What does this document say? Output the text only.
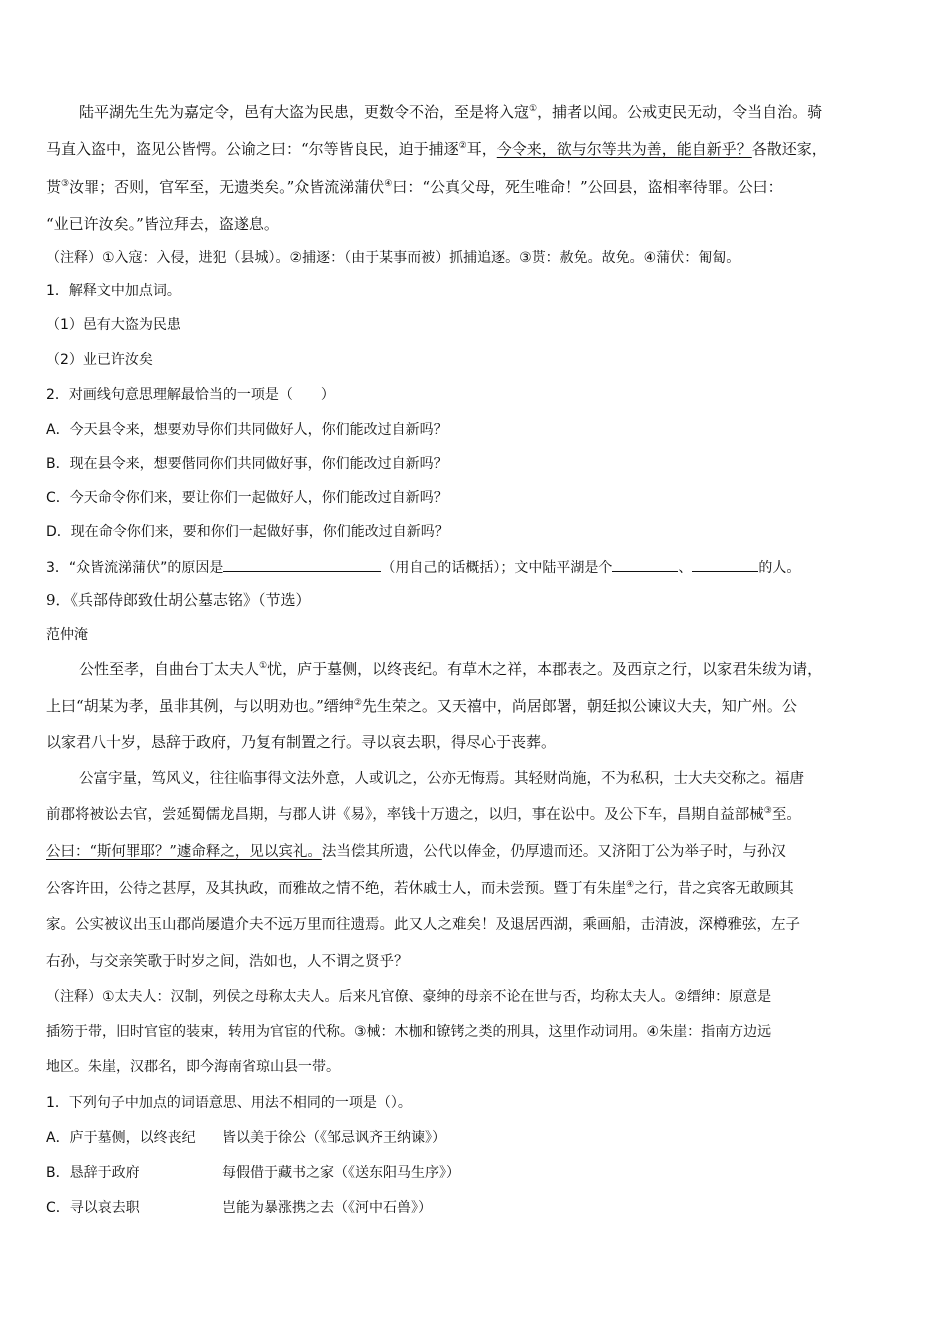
陆平湖先生先为嘉定令，邑有大盗为民患，更数令不治，至是将入寇①，捕者以闻。公戒吏民无动，令当自治。骑
马直入盗中，盗见公皆愕。公谕之曰：“尔等皆良民，迫于捕逐②耳，今令来，欲与尔等共为善，能自新乎？各散还家，
贳③汝罪；否则，官军至，无遗类矣。”众皆流涕蒲伏④曰：“公真父母，死生唯命！”公回县，盗相率待罪。公曰：
“业已许汝矣。”皆泣拜去，盗遂息。
（注释）①入寇：入侵，进犯（县城）。②捕逐：（由于某事而被）抓捕追逐。③贳：赦免。故免。④蒲伏：匍匐。
1．解释文中加点词。
（1）邑有大盗为民患
（2）业已许汝矣
2．对画线句意思理解最恰当的一项是（　　）
A．今天县令来，想要劝导你们共同做好人，你们能改过自新吗？
B．现在县令来，想要偕同你们共同做好事，你们能改过自新吗？
C．今天命令你们来，要让你们一起做好人，你们能改过自新吗？
D．现在命令你们来，要和你们一起做好事，你们能改过自新吗？
3．“众皆流涕蒲伏”的原因是	（用自己的话概括）；文中陆平湖是个	、	的人。
9．《兵部侍郎致仕胡公墓志铭》（节选）
范仲淹
公性至孝，自曲台丁太夫人①忧，庐于墓侧，以终丧纪。有草木之祥，本郡表之。及西京之行，以家君朱绂为请，
上曰“胡某为孝，虽非其例，与以明劝也。”缙绅②先生荣之。又天禧中，尚居郎署，朝廷拟公谏议大夫，知广州。公
以家君八十岁，恳辞于政府，乃复有制置之行。寻以哀去职，得尽心于丧葬。
公富宇量，笃风义，往往临事得文法外意，人或讥之，公亦无悔焉。其轻财尚施，不为私积，士大夫交称之。福唐
前郡将被讼去官，尝延蜀儒龙昌期，与郡人讲《易》，率钱十万遗之，以归，事在讼中。及公下车，昌期自益部械③至。
公曰：“斯何罪耶？”遽命释之，见以宾礼。法当偿其所遗，公代以俸金，仍厚遗而还。又济阳丁公为举子时，与孙汉
公客许田，公待之甚厚，及其执政，而雅故之情不绝，若休戚士人，而未尝预。暨丁有朱崖④之行，昔之宾客无敢顾其
家。公实被议出玉山郡尚屡遣介夫不远万里而往遗焉。此又人之难矣！及退居西湖，乘画船，击清波，深樽雅弦，左子
右孙，与交亲笑歌于时岁之间，浩如也，人不谓之贤乎？
（注释）①太夫人：汉制，列侯之母称太夫人。后来凡官僚、豪绅的母亲不论在世与否，均称太夫人。②缙绅：原意是
插笏于带，旧时官宦的装束，转用为官宦的代称。③械：木枷和镣铐之类的刑具，这里作动词用。④朱崖：指南方边远
地区。朱崖，汉郡名，即今海南省琼山县一带。
1．下列句子中加点的词语意思、用法不相同的一项是（）。
A．庐于墓侧，以终丧纪 皆以美于徐公（《邹忌讽齐王纳谏》）
B．恳辞于政府	每假借于藏书之家（《送东阳马生序》）
C．寻以哀去职	岂能为暴涨携之去（《河中石兽》）
